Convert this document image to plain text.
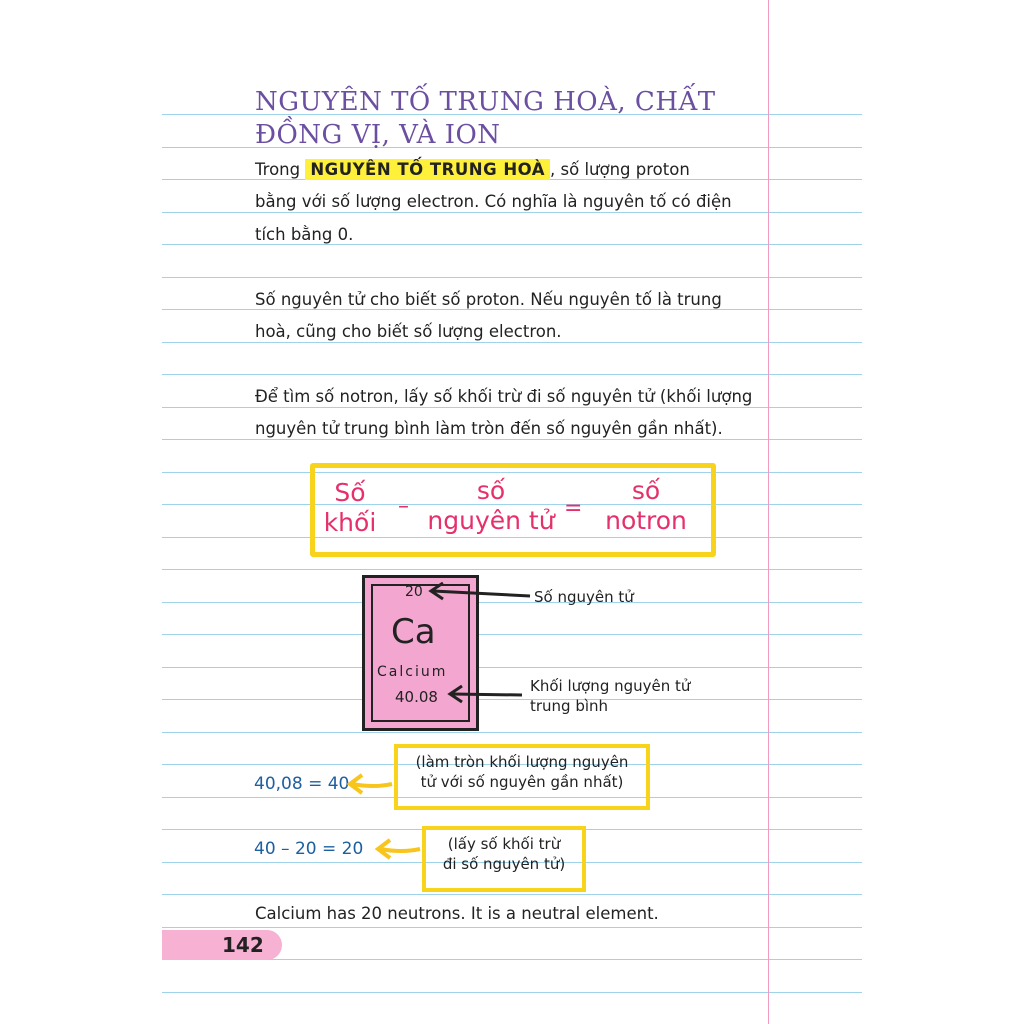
NGUYÊN TỐ TRUNG HOÀ, CHẤT ĐỒNG VỊ, VÀ ION
Trong NGUYÊN TỐ TRUNG HOÀ , số lượng proton
bằng với số lượng electron. Có nghĩa là nguyên tố có điện
tích bằng 0.
Số nguyên tử cho biết số proton. Nếu nguyên tố là trung
hoà, cũng cho biết số lượng electron.
Để tìm số notron, lấy số khối trừ đi số nguyên tử (khối lượng
nguyên tử trung bình làm tròn đến số nguyên gần nhất).
Số
khối
–
số
nguyên tử =
số
notron
20
Ca
Calcium
40.08
Số nguyên tử
Khối lượng nguyên tử
trung bình
40,08 = 40
(làm tròn khối lượng nguyên
tử với số nguyên gần nhất)
40 – 20 = 20	(lấy số khối trừ
đi số nguyên tử)
Calcium has 20 neutrons. It is a neutral element.
142
